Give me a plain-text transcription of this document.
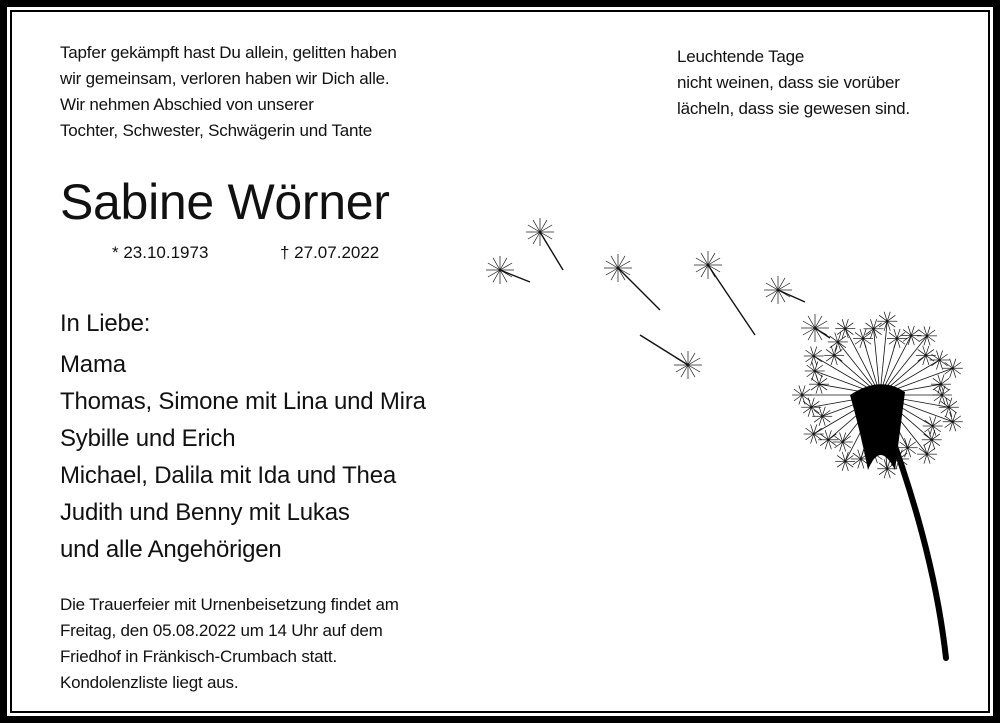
Tapfer gekämpft hast Du allein, gelitten haben
wir gemeinsam, verloren haben wir Dich alle.
Wir nehmen Abschied von unserer
Tochter, Schwester, Schwägerin und Tante
Leuchtende Tage
nicht weinen, dass sie vorüber
lächeln, dass sie gewesen sind.
Sabine Wörner
* 23.10.1973	† 27.07.2022
In Liebe:
Mama
Thomas, Simone mit Lina und Mira
Sybille und Erich
Michael, Dalila mit Ida und Thea
Judith und Benny mit Lukas
und alle Angehörigen
Die Trauerfeier mit Urnenbeisetzung findet am
Freitag, den 05.08.2022 um 14 Uhr auf dem
Friedhof in Fränkisch-Crumbach statt.
Kondolenzliste liegt aus.
